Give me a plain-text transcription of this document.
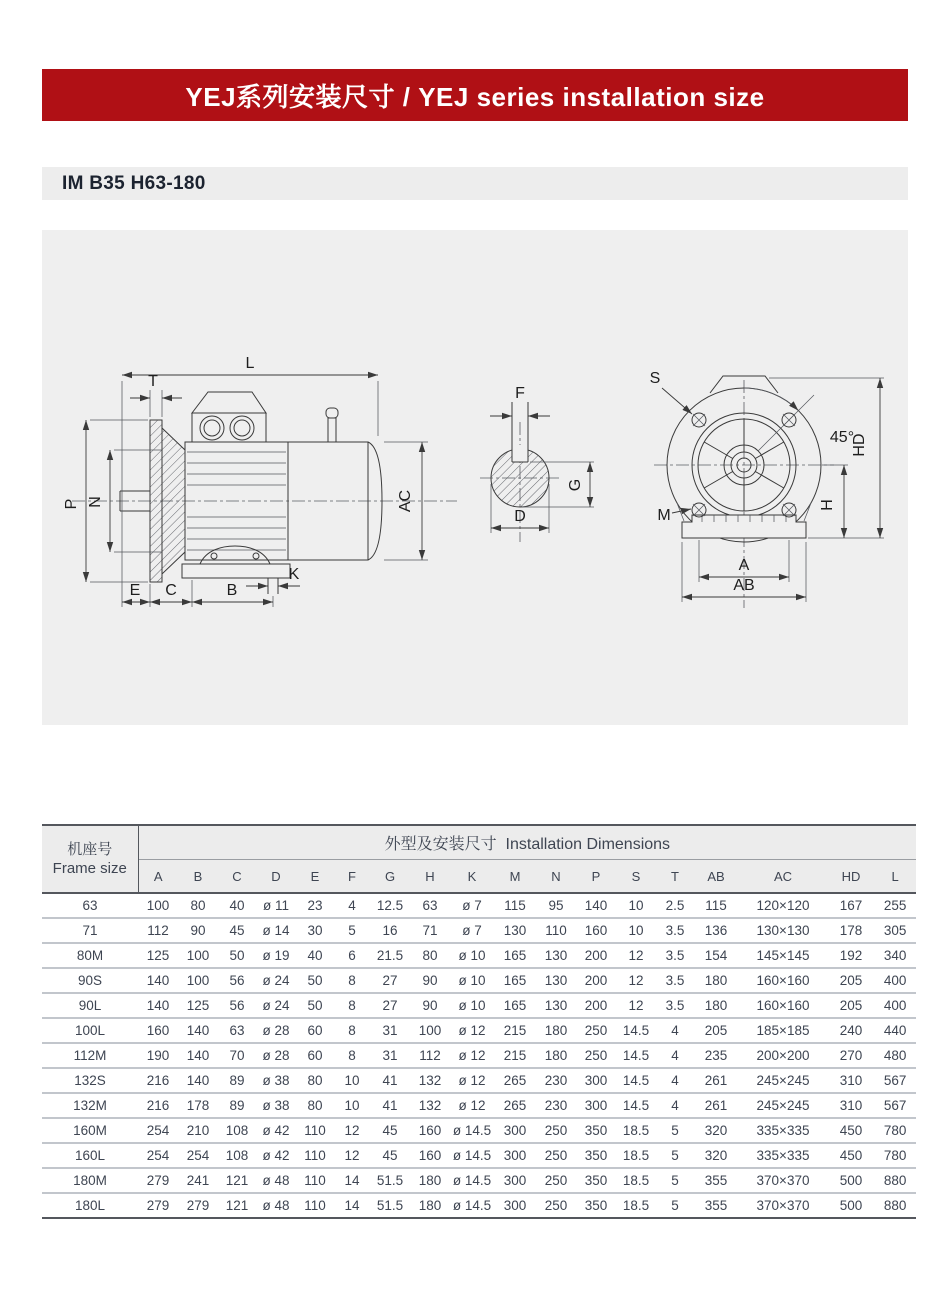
YEJ系列安装尺寸 / YEJ series installation size
IM B35 H63-180
L
T
P N	AC
K
E C	B
F
G
D
45°
S
M
HD
H
A
AB
机座号
Frame size	外型及安装尺寸 Installation Dimensions																	
	A	B	C	D	E	F	G	H	K	M	N	P	S	T	AB	AC	HD	L
63	100	80	40	ø 11	23	4	12.5	63	ø 7	115	95	140	10	2.5	115	120×120	167	255
71	112	90	45	ø 14	30	5	16	71	ø 7	130	110	160	10	3.5	136	130×130	178	305
80M	125	100	50	ø 19	40	6	21.5	80	ø 10	165	130	200	12	3.5	154	145×145	192	340
90S	140	100	56	ø 24	50	8	27	90	ø 10	165	130	200	12	3.5	180	160×160	205	400
90L	140	125	56	ø 24	50	8	27	90	ø 10	165	130	200	12	3.5	180	160×160	205	400
100L	160	140	63	ø 28	60	8	31	100	ø 12	215	180	250	14.5	4	205	185×185	240	440
112M	190	140	70	ø 28	60	8	31	112	ø 12	215	180	250	14.5	4	235	200×200	270	480
132S	216	140	89	ø 38	80	10	41	132	ø 12	265	230	300	14.5	4	261	245×245	310	567
132M	216	178	89	ø 38	80	10	41	132	ø 12	265	230	300	14.5	4	261	245×245	310	567
160M	254	210	108	ø 42	110	12	45	160	ø 14.5	300	250	350	18.5	5	320	335×335	450	780
160L	254	254	108	ø 42	110	12	45	160	ø 14.5	300	250	350	18.5	5	320	335×335	450	780
180M	279	241	121	ø 48	110	14	51.5	180	ø 14.5	300	250	350	18.5	5	355	370×370	500	880
180L	279	279	121	ø 48	110	14	51.5	180	ø 14.5	300	250	350	18.5	5	355	370×370	500	880
